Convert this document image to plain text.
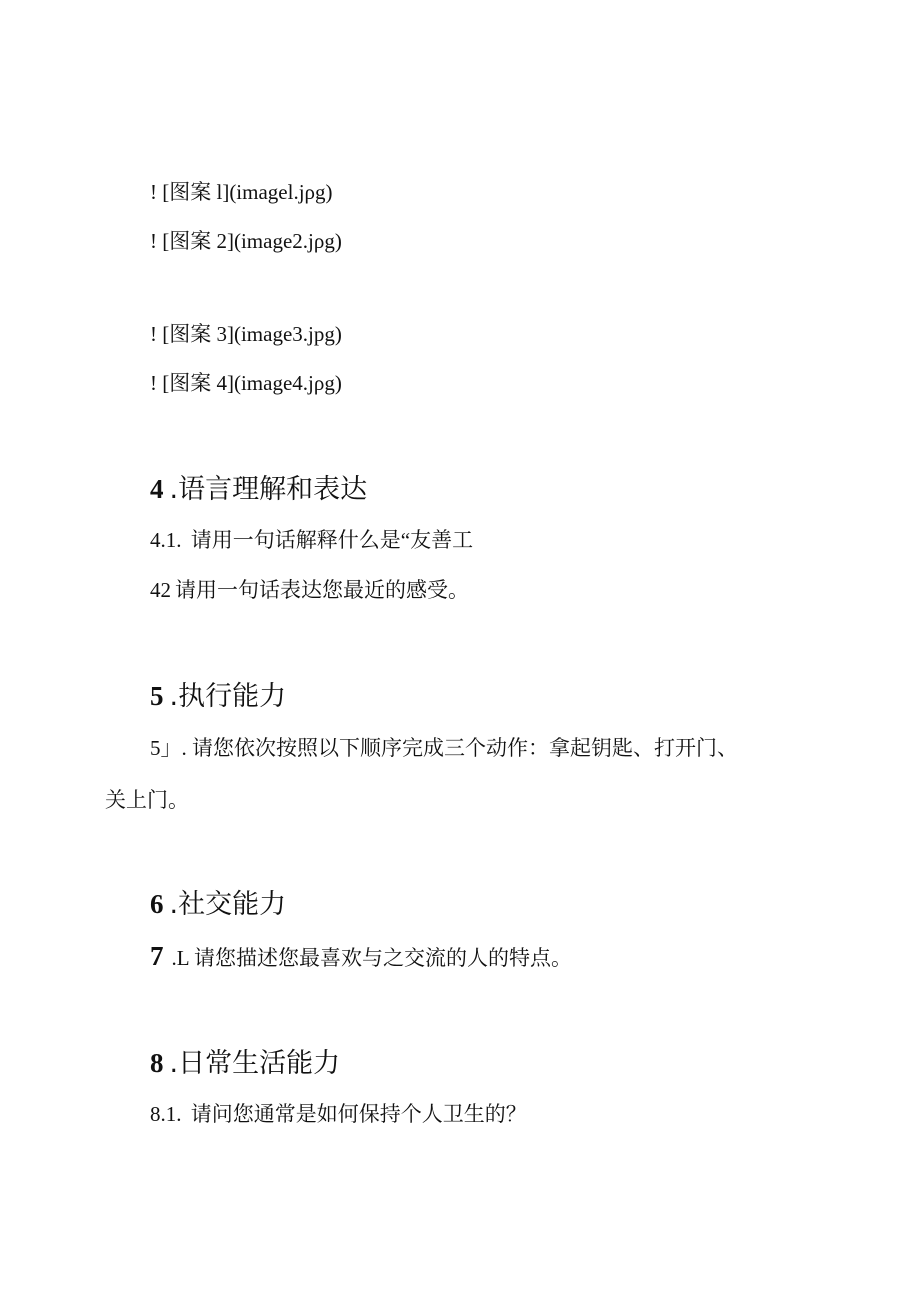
! [图案 l](imagel.jρg)
! [图案 2](image2.jρg)
! [图案 3](image3.jpg)
! [图案 4](image4.jρg)
4 .语言理解和表达
4.1. 请用一句话解释什么是“友善工
42 请用一句话表达您最近的感受。
5 .执行能力
5」. 请您依次按照以下顺序完成三个动作：拿起钥匙、打开门、
关上门。
6 .社交能力
7 .L 请您描述您最喜欢与之交流的人的特点。
8 .日常生活能力
8.1. 请问您通常是如何保持个人卫生的？
